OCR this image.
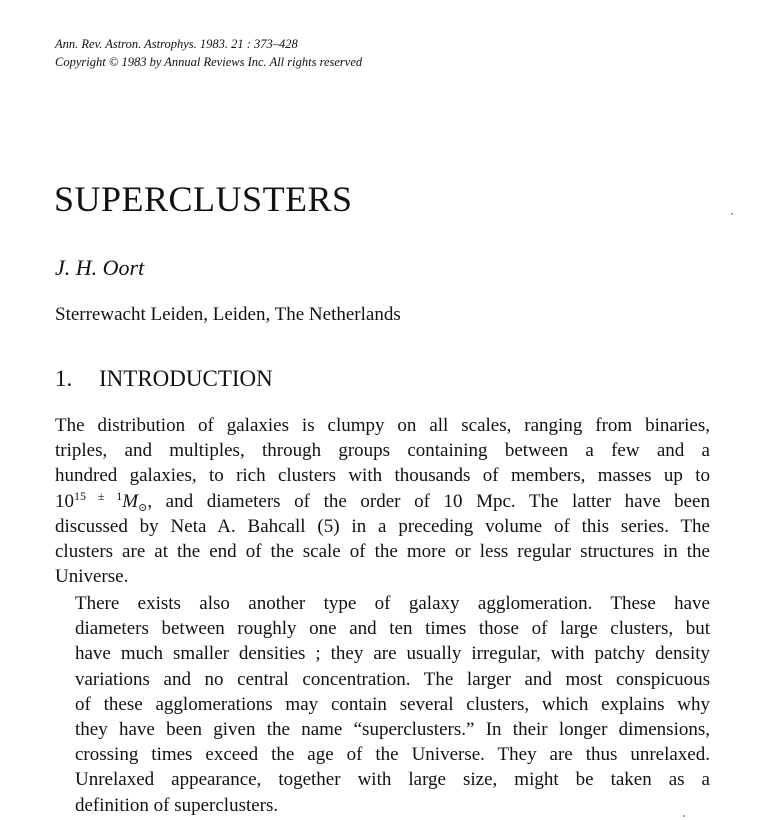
Ann. Rev. Astron. Astrophys. 1983. 21 : 373–428
Copyright © 1983 by Annual Reviews Inc. All rights reserved
SUPERCLUSTERS
J. H. Oort
Sterrewacht Leiden, Leiden, The Netherlands
1. INTRODUCTION
The distribution of galaxies is clumpy on all scales, ranging from binaries,
triples, and multiples, through groups containing between a few and a
hundred galaxies, to rich clusters with thousands of members, masses up to
$10^{15 \pm 1}M_⊙$, and diameters of the order of 10 Mpc. The latter have been
discussed by Neta A. Bahcall (5) in a preceding volume of this series. The
clusters are at the end of the scale of the more or less regular structures in the
Universe.
There exists also another type of galaxy agglomeration. These have
diameters between roughly one and ten times those of large clusters, but
have much smaller densities ; they are usually irregular, with patchy density
variations and no central concentration. The larger and most conspicuous
of these agglomerations may contain several clusters, which explains why
they have been given the name “superclusters.” In their longer dimensions,
crossing times exceed the age of the Universe. They are thus unrelaxed.
Unrelaxed appearance, together with large size, might be taken as a
definition of superclusters.
